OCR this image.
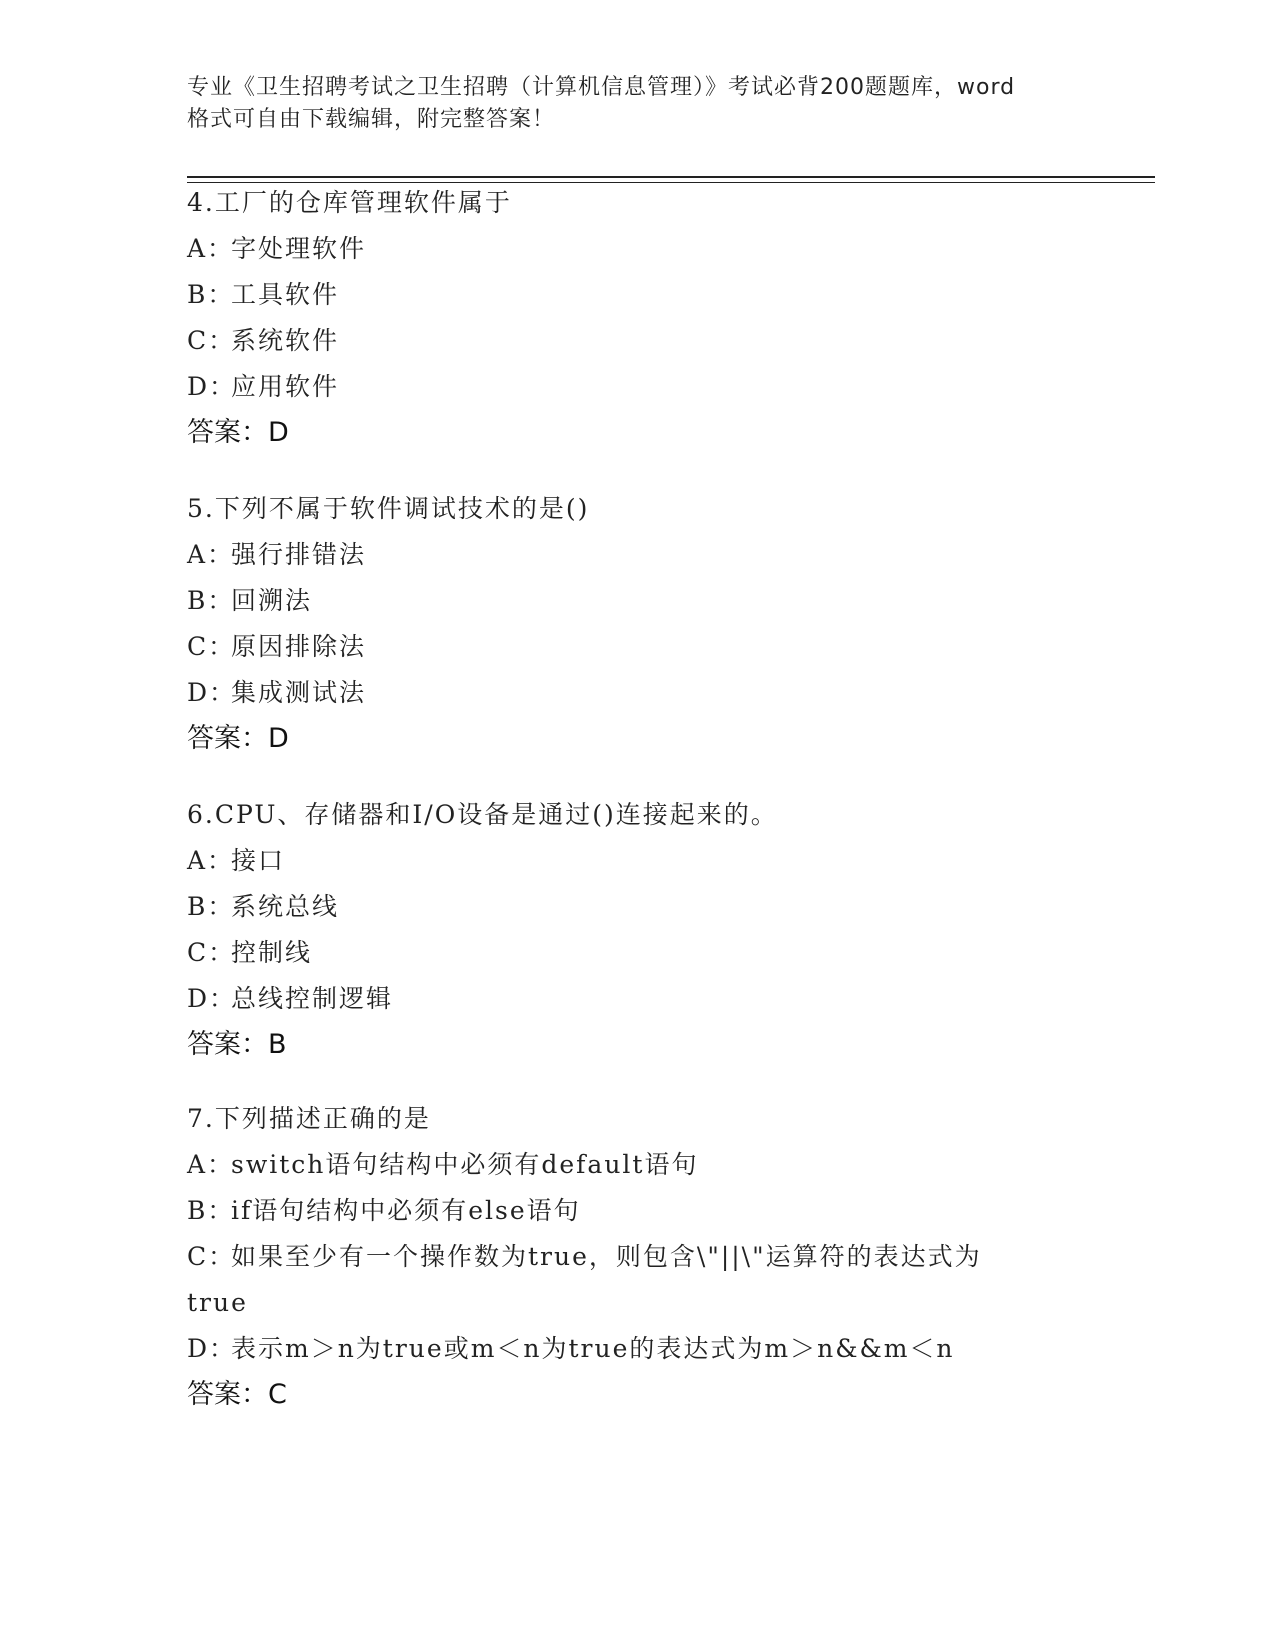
专业《卫生招聘考试之卫生招聘（计算机信息管理）》考试必背200题题库，word
格式可自由下载编辑，附完整答案！
4.工厂的仓库管理软件属于
A：字处理软件
B：工具软件
C：系统软件
D：应用软件
答案：D
5.下列不属于软件调试技术的是()
A：强行排错法
B：回溯法
C：原因排除法
D：集成测试法
答案：D
6.CPU、存储器和I/O设备是通过()连接起来的。
A：接口
B：系统总线
C：控制线
D：总线控制逻辑
答案：B
7.下列描述正确的是
A：switch语句结构中必须有default语句
B：if语句结构中必须有else语句
C：如果至少有一个操作数为true，则包含\"||\"运算符的表达式为
true
D：表示m＞n为true或m＜n为true的表达式为m＞n&&m＜n
答案：C
